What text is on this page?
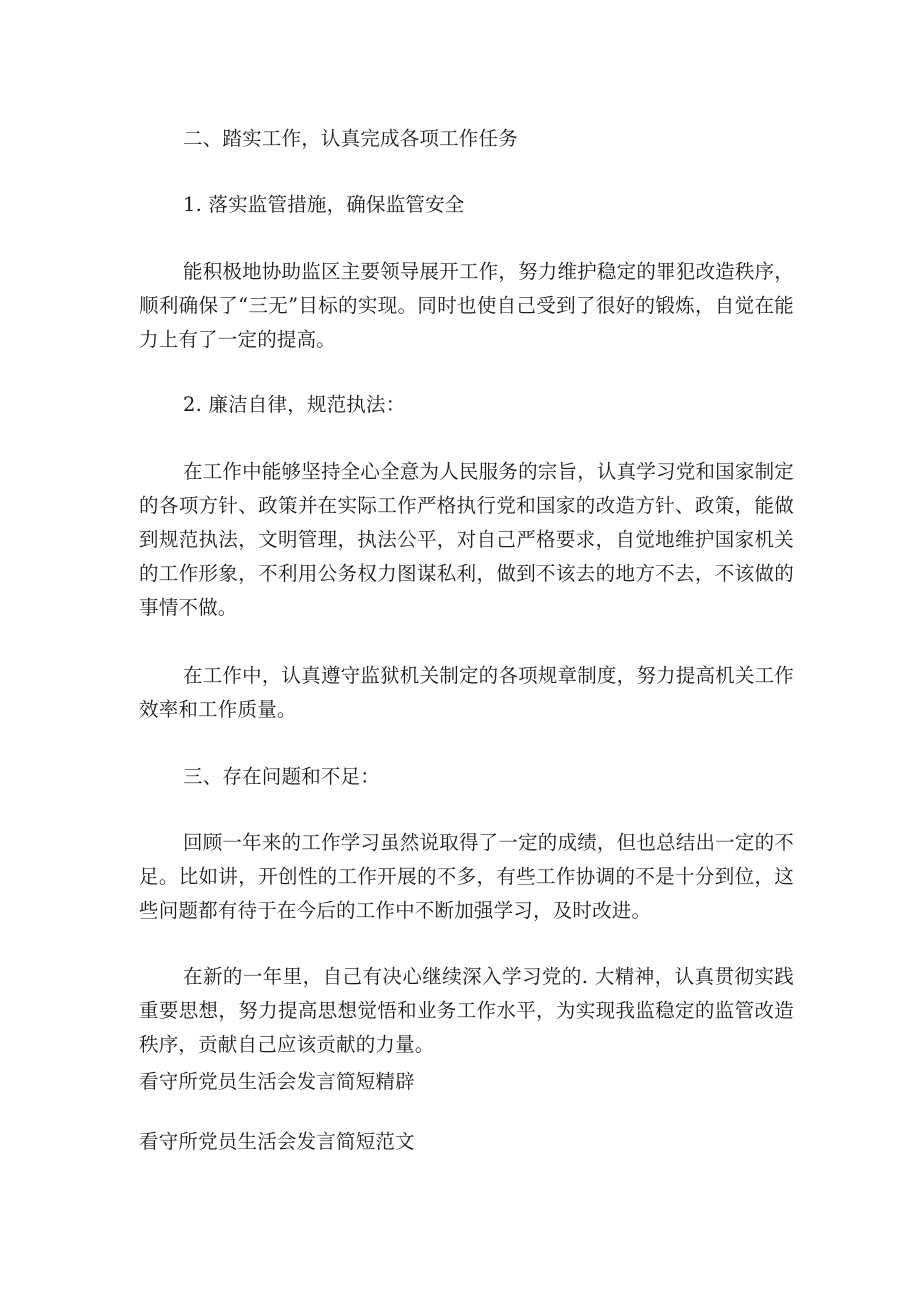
二、踏实工作，认真完成各项工作任务
1. 落实监管措施，确保监管安全

能积极地协助监区主要领导展开工作，努力维护稳定的罪犯改造秩序，顺利确保了“三无”目标的实现。同时也使自己受到了很好的锻炼，自觉在能力上有了一定的提高。

2. 廉洁自律，规范执法：

在工作中能够坚持全心全意为人民服务的宗旨，认真学习党和国家制定的各项方针、政策并在实际工作严格执行党和国家的改造方针、政策，能做到规范执法，文明管理，执法公平，对自己严格要求，自觉地维护国家机关的工作形象，不利用公务权力图谋私利，做到不该去的地方不去，不该做的事情不做。

在工作中，认真遵守监狱机关制定的各项规章制度，努力提高机关工作效率和工作质量。

三、存在问题和不足：

回顾一年来的工作学习虽然说取得了一定的成绩，但也总结出一定的不足。比如讲，开创性的工作开展的不多，有些工作协调的不是十分到位，这些问题都有待于在今后的工作中不断加强学习，及时改进。

在新的一年里，自己有决心继续深入学习党的. 大精神，认真贯彻实践重要思想，努力提高思想觉悟和业务工作水平，为实现我监稳定的监管改造秩序，贡献自己应该贡献的力量。

看守所党员生活会发言简短精辟
看守所党员生活会发言简短范文
